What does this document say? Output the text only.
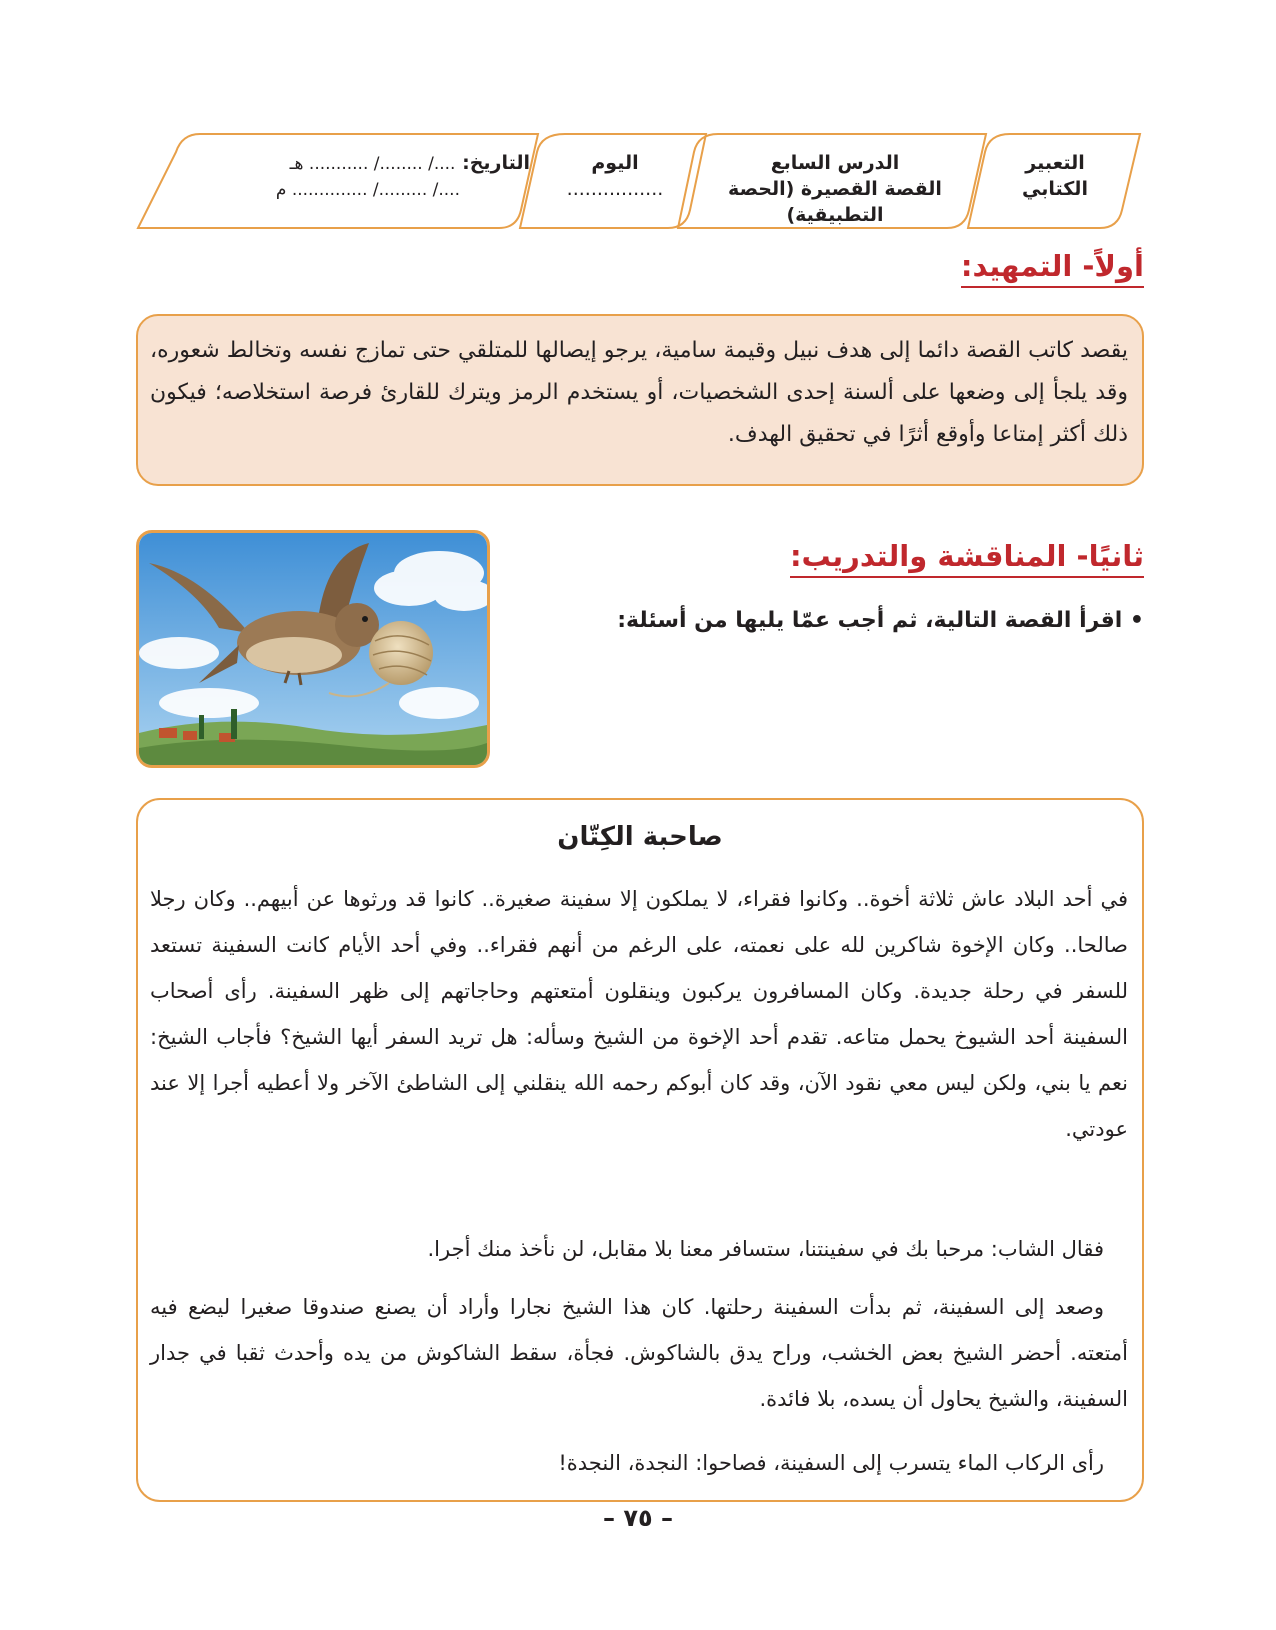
التعبير
الكتابي
الدرس السابع
القصة القصيرة (الحصة التطبيقية)
اليوم
................
التاريخ: ..../ ......../ ........... هـ
..../ ........./ .............. م
أولاً- التمهيد:
يقصد كاتب القصة دائما إلى هدف نبيل وقيمة سامية، يرجو إيصالها للمتلقي حتى تمازج نفسه وتخالط شعوره، وقد يلجأ إلى وضعها على ألسنة إحدى الشخصيات، أو يستخدم الرمز ويترك للقارئ فرصة استخلاصه؛ فيكون ذلك أكثر إمتاعا وأوقع أثرًا في تحقيق الهدف.
ثانيًا- المناقشة والتدريب:
• اقرأ القصة التالية، ثم أجب عمّا يليها من أسئلة:
صاحبة الكِتّان
في أحد البلاد عاش ثلاثة أخوة.. وكانوا فقراء، لا يملكون إلا سفينة صغيرة.. كانوا قد ورثوها عن أبيهم.. وكان رجلا صالحا.. وكان الإخوة شاكرين لله على نعمته، على الرغم من أنهم فقراء.. وفي أحد الأيام كانت السفينة تستعد للسفر في رحلة جديدة. وكان المسافرون يركبون وينقلون أمتعتهم وحاجاتهم إلى ظهر السفينة. رأى أصحاب السفينة أحد الشيوخ يحمل متاعه. تقدم أحد الإخوة من الشيخ وسأله: هل تريد السفر أيها الشيخ؟ فأجاب الشيخ: نعم يا بني، ولكن ليس معي نقود الآن، وقد كان أبوكم رحمه الله ينقلني إلى الشاطئ الآخر ولا أعطيه أجرا إلا عند عودتي.
فقال الشاب: مرحبا بك في سفينتنا، ستسافر معنا بلا مقابل، لن نأخذ منك أجرا.
وصعد إلى السفينة، ثم بدأت السفينة رحلتها. كان هذا الشيخ نجارا وأراد أن يصنع صندوقا صغيرا ليضع فيه أمتعته. أحضر الشيخ بعض الخشب، وراح يدق بالشاكوش. فجأة، سقط الشاكوش من يده وأحدث ثقبا في جدار السفينة، والشيخ يحاول أن يسده، بلا فائدة.
رأى الركاب الماء يتسرب إلى السفينة، فصاحوا: النجدة، النجدة!
– ٧٥ –
